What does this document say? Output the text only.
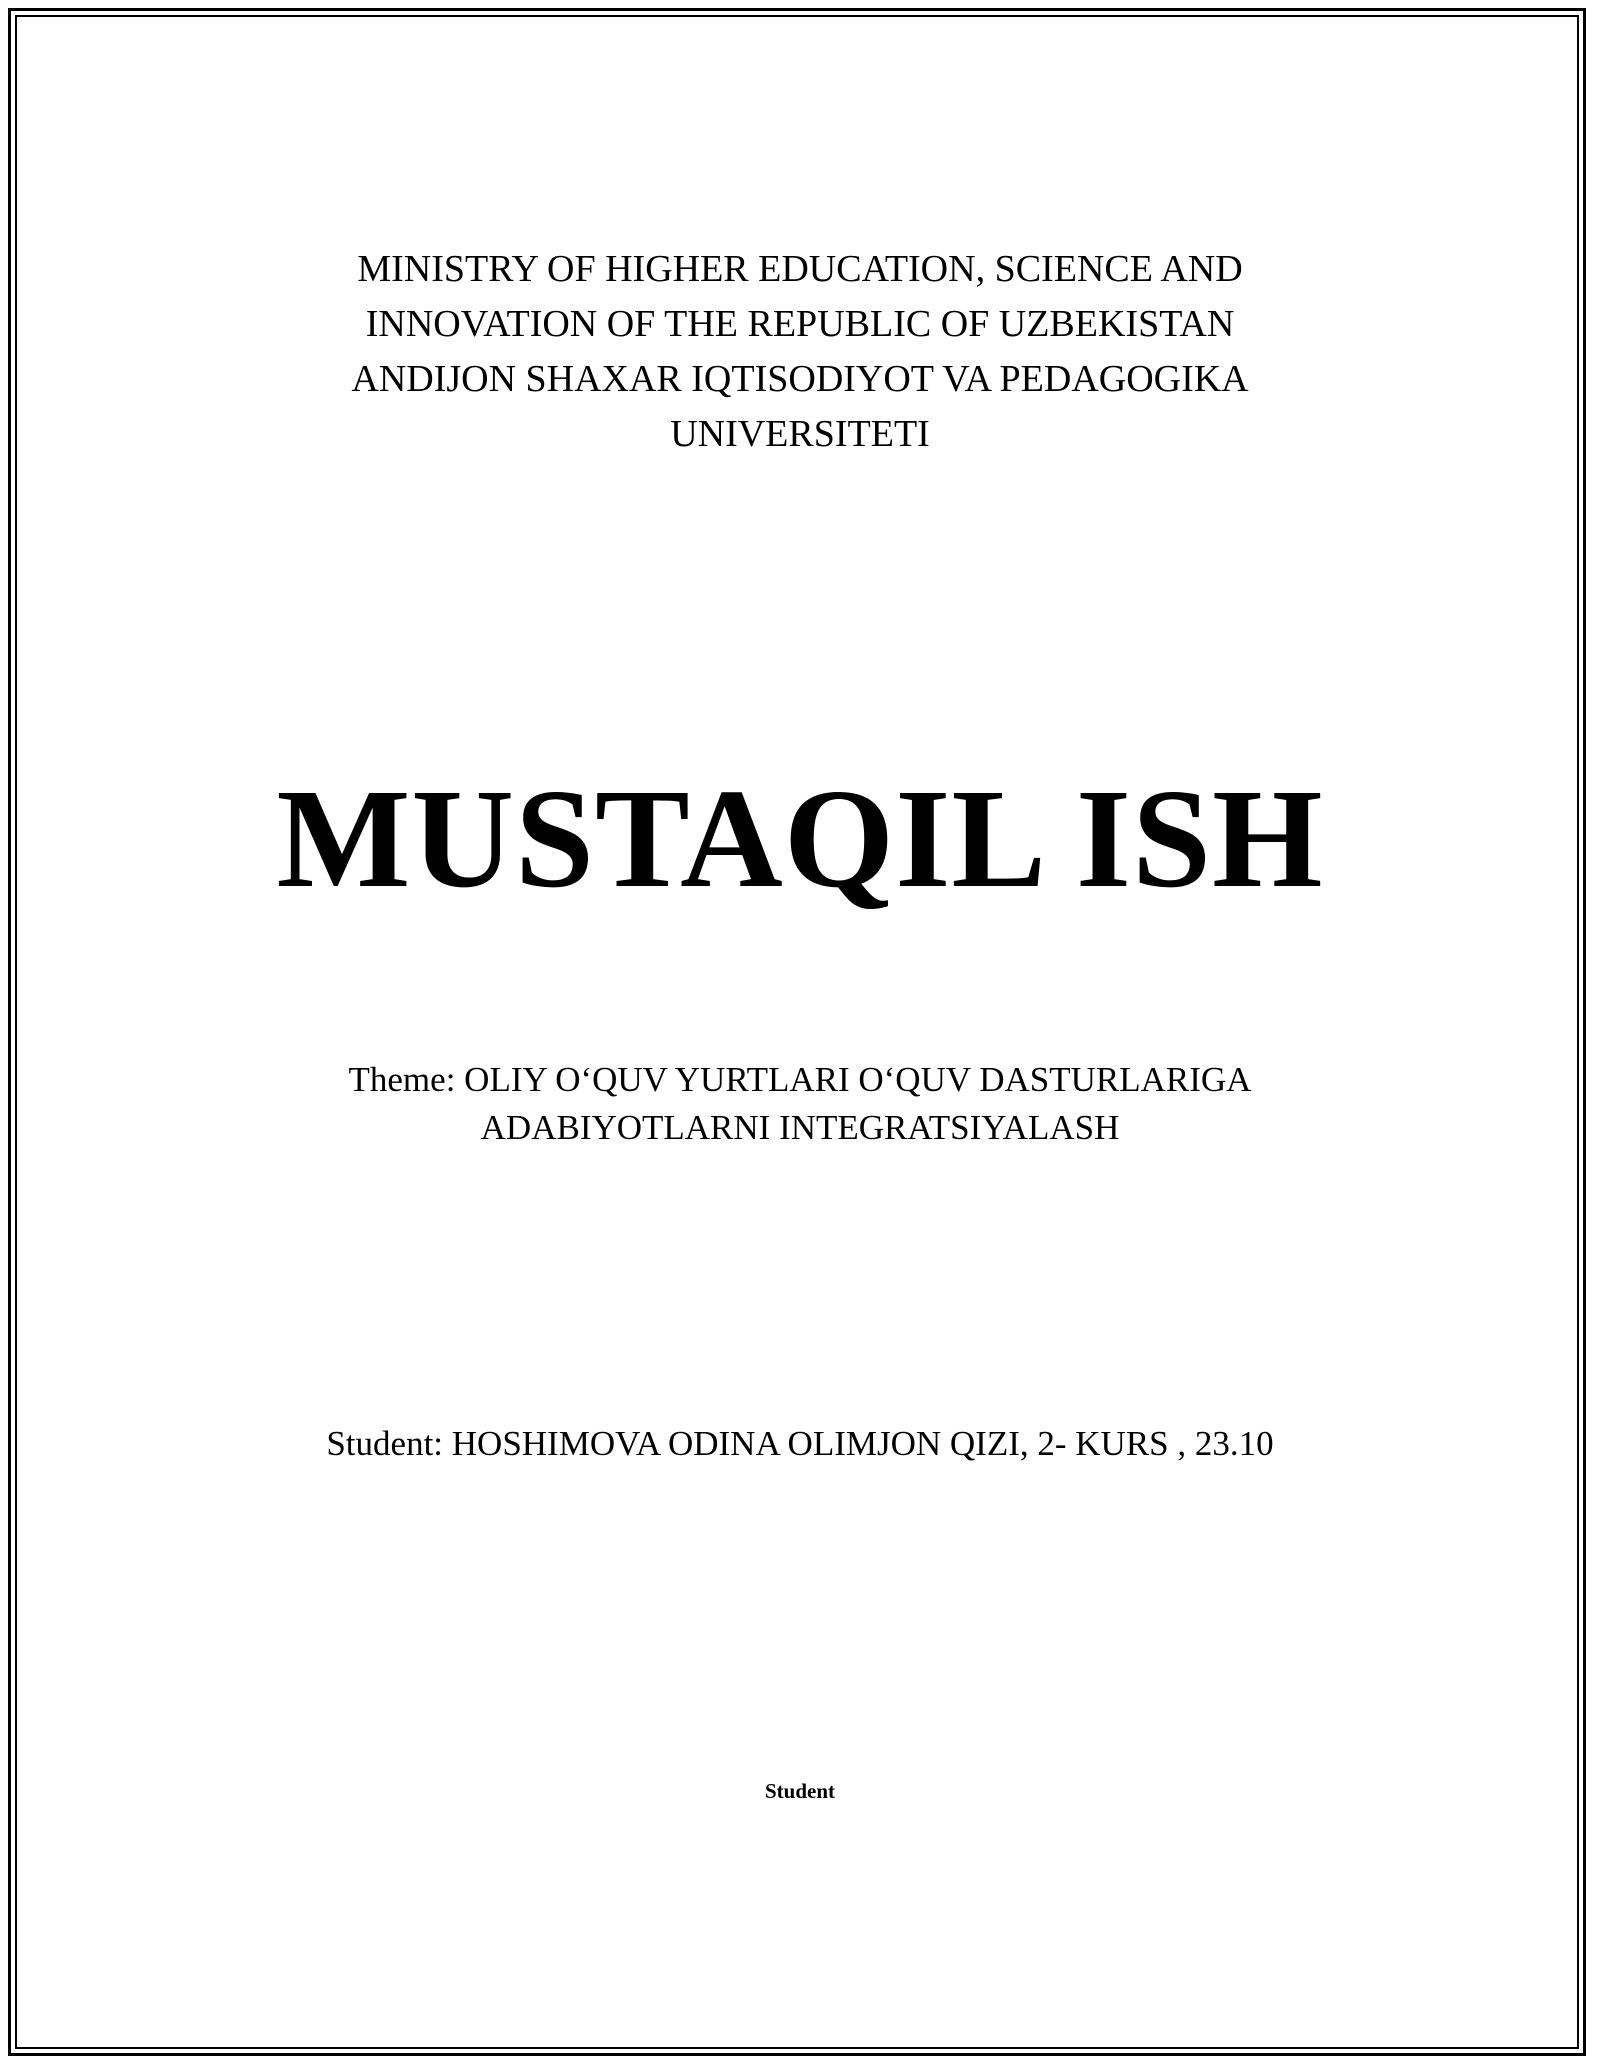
MINISTRY OF HIGHER EDUCATION, SCIENCE AND
INNOVATION OF THE REPUBLIC OF UZBEKISTAN
ANDIJON SHAXAR IQTISODIYOT VA PEDAGOGIKA
UNIVERSITETI
MUSTAQIL ISH
Theme: OLIY O‘QUV YURTLARI O‘QUV DASTURLARIGA
ADABIYOTLARNI INTEGRATSIYALASH
Student: HOSHIMOVA ODINA OLIMJON QIZI, 2- KURS , 23.10
Student
